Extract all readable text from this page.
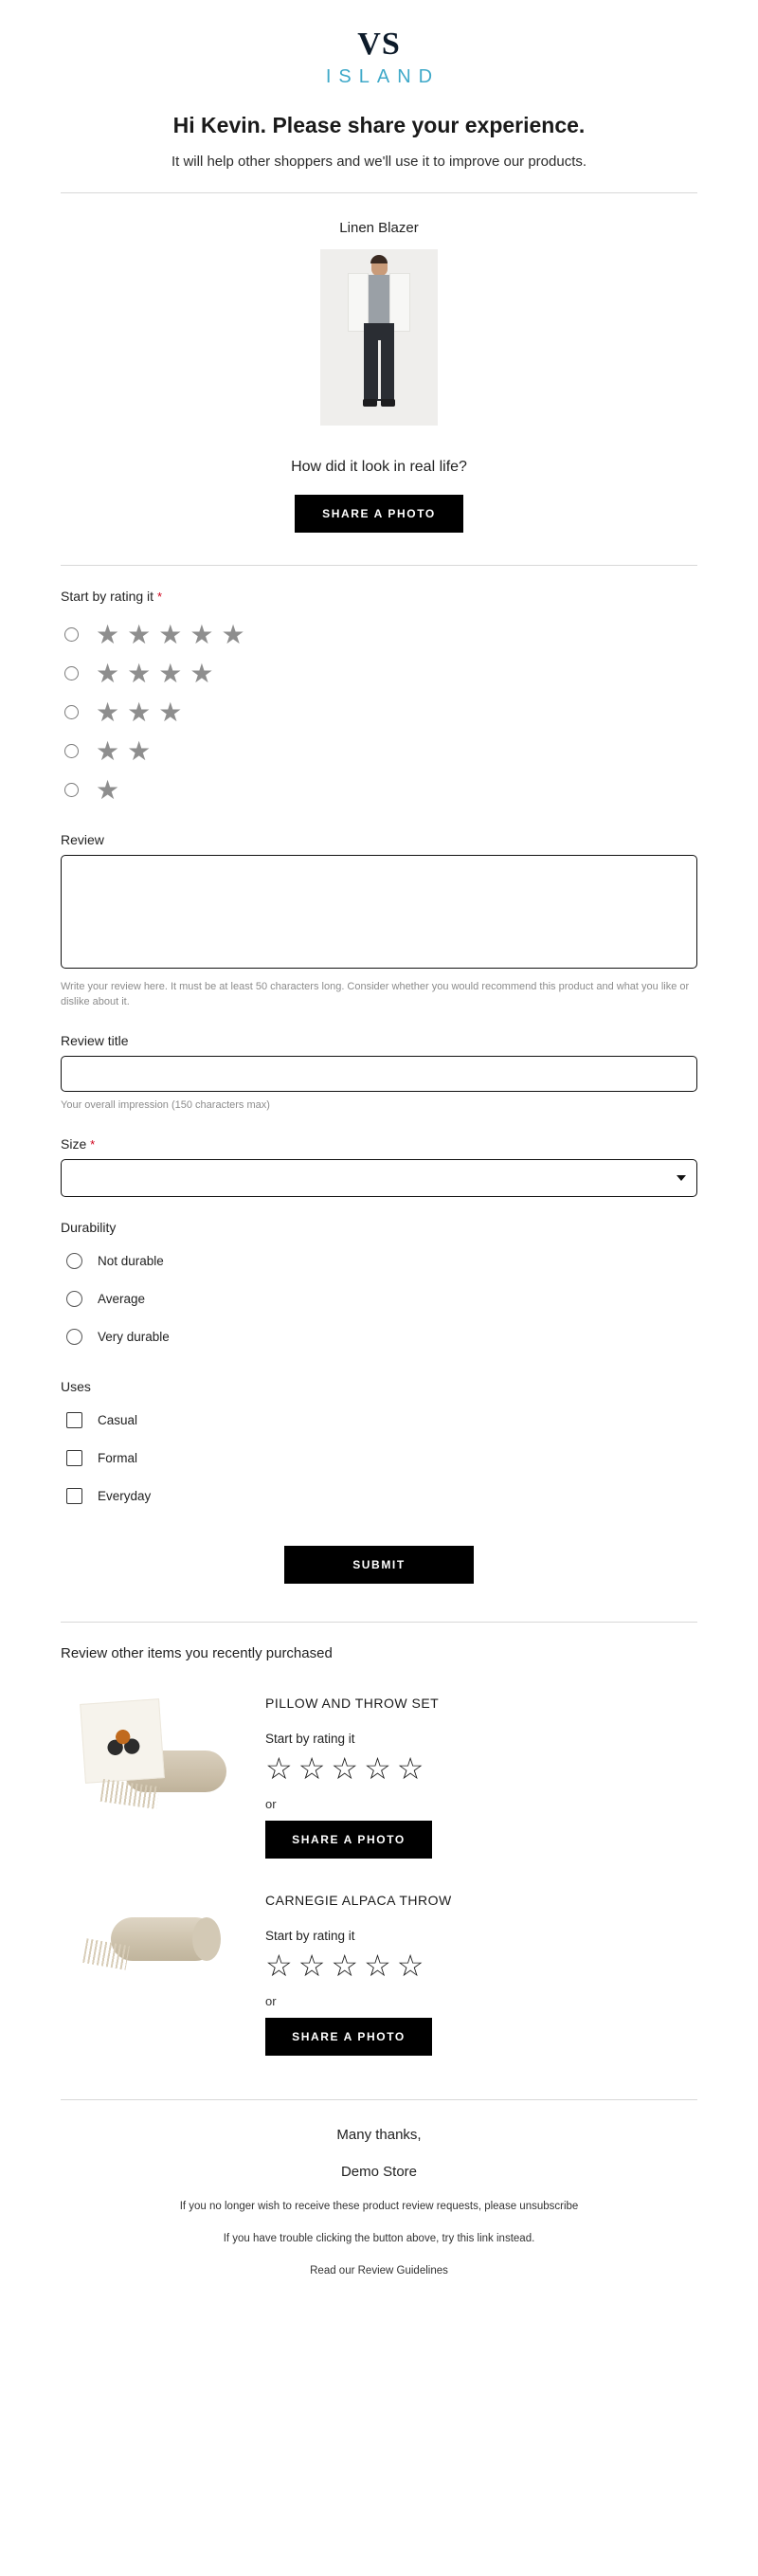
VS
ISLAND
Hi Kevin. Please share your experience.
It will help other shoppers and we'll use it to improve our products.
Linen Blazer
How did it look in real life?
SHARE A PHOTO
Start by rating it *
★ ★ ★ ★ ★
★ ★ ★ ★
★ ★ ★
★ ★
★
Review
Write your review here. It must be at least 50 characters long. Consider whether you would recommend this product and what you like or dislike about it.
Review title
Your overall impression (150 characters max)
Size *
Durability
Not durable
Average
Very durable
Uses
Casual
Formal
Everyday
SUBMIT
Review other items you recently purchased
PILLOW AND THROW SET
Start by rating it
☆ ☆ ☆ ☆ ☆
or
SHARE A PHOTO
CARNEGIE ALPACA THROW
Start by rating it
☆ ☆ ☆ ☆ ☆
or
SHARE A PHOTO
Many thanks,
Demo Store
If you no longer wish to receive these product review requests, please unsubscribe
If you have trouble clicking the button above, try this link instead.
Read our Review Guidelines
